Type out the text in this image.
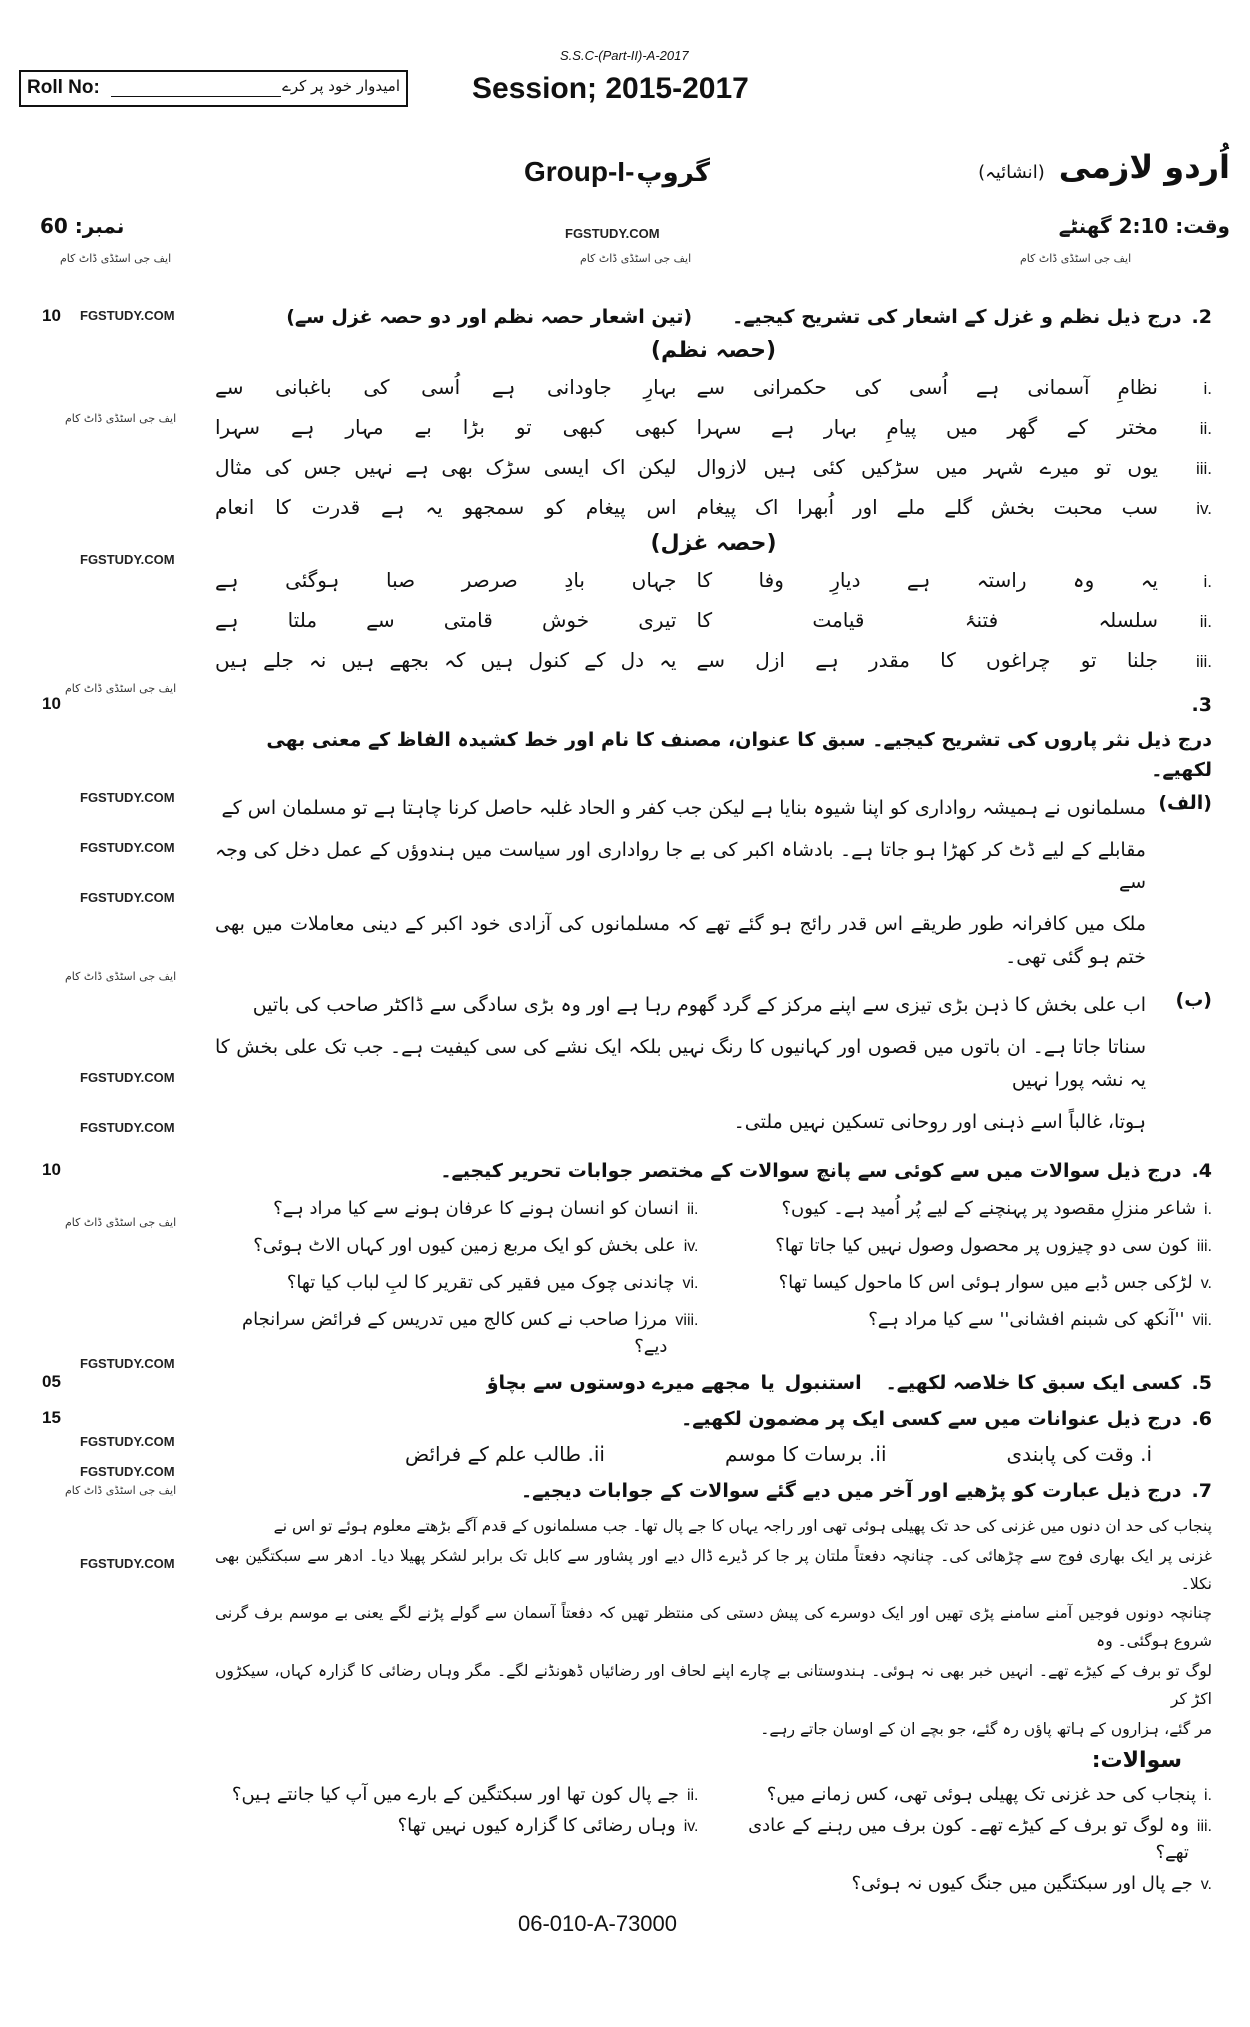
S.S.C-(Part-II)-A-2017
Roll No:	امیدوار خود پر کرے Session; 2015-2017
Group-I- گروپ	اُردو لازمی
(انشائیہ)
نمبر: 60	وقت: 2:10 گھنٹے
FGSTUDY.COM
ایف جی اسٹڈی ڈاٹ کام	ایف جی اسٹڈی ڈاٹ کام	ایف جی اسٹڈی ڈاٹ کام
10 FGSTUDY.COM
ایف جی اسٹڈی ڈاٹ کام
FGSTUDY.COM
ایف جی اسٹڈی ڈاٹ کام
2.
درج ذیل نظم و غزل کے اشعار کی تشریح کیجیے۔
(تین اشعار حصہ نظم اور دو حصہ غزل سے)
(حصہ نظم)
i.
نظامِ آسمانی ہے اُسی کی حکمرانی سے
بہارِ جاودانی ہے اُسی کی باغبانی سے
ii.
مختر کے گھر میں پیامِ بہار ہے سہرا
کبھی کبھی تو بڑا بے مہار ہے سہرا
iii.
یوں تو میرے شہر میں سڑکیں کئی ہیں لازوال
لیکن اک ایسی سڑک بھی ہے نہیں جس کی مثال
iv.
سب محبت بخش گلے ملے اور اُبھرا اک پیغام
اس پیغام کو سمجھو یہ ہے قدرت کا انعام
(حصہ غزل)
i.
یہ وہ راستہ ہے دیارِ وفا کا
جہاں بادِ صرصر صبا ہوگئی ہے
ii.
سلسلہ فتنۂ قیامت کا
تیری خوش قامتی سے ملتا ہے
iii.
جلنا تو چراغوں کا مقدر ہے ازل سے
یہ دل کے کنول ہیں کہ بجھے ہیں نہ جلے ہیں
10
FGSTUDY.COM
FGSTUDY.COM
FGSTUDY.COM
ایف جی اسٹڈی ڈاٹ کام
FGSTUDY.COM
FGSTUDY.COM
3.
درج ذیل نثر پاروں کی تشریح کیجیے۔ سبق کا عنوان، مصنف کا نام اور خط کشیدہ الفاظ کے معنی بھی لکھیے۔
(الف)
مسلمانوں نے ہمیشہ رواداری کو اپنا شیوہ بنایا ہے لیکن جب کفر و الحاد غلبہ حاصل کرنا چاہتا ہے تو مسلمان اس کے
مقابلے کے لیے ڈٹ کر کھڑا ہو جاتا ہے۔ بادشاہ اکبر کی بے جا رواداری اور سیاست میں ہندوؤں کے عمل دخل کی وجہ سے
ملک میں کافرانہ طور طریقے اس قدر رائج ہو گئے تھے کہ مسلمانوں کی آزادی خود اکبر کے دینی معاملات میں بھی ختم ہو گئی تھی۔
(ب)
اب علی بخش کا ذہن بڑی تیزی سے اپنے مرکز کے گرد گھوم رہا ہے اور وہ بڑی سادگی سے ڈاکٹر صاحب کی باتیں
سناتا جاتا ہے۔ ان باتوں میں قصوں اور کہانیوں کا رنگ نہیں بلکہ ایک نشے کی سی کیفیت ہے۔ جب تک علی بخش کا یہ نشہ پورا نہیں
ہوتا، غالباً اسے ذہنی اور روحانی تسکین نہیں ملتی۔
10
ایف جی اسٹڈی ڈاٹ کام
FGSTUDY.COM
4.
درج ذیل سوالات میں سے کوئی سے پانچ سوالات کے مختصر جوابات تحریر کیجیے۔
i.
شاعر منزلِ مقصود پر پہنچنے کے لیے پُر اُمید ہے۔ کیوں؟
ii.
انسان کو انسان ہونے کا عرفان ہونے سے کیا مراد ہے؟
iii.
کون سی دو چیزوں پر محصول وصول نہیں کیا جاتا تھا؟
iv.
علی بخش کو ایک مربع زمین کیوں اور کہاں الاٹ ہوئی؟
v.
لڑکی جس ڈبے میں سوار ہوئی اس کا ماحول کیسا تھا؟
vi.
چاندنی چوک میں فقیر کی تقریر کا لبِ لباب کیا تھا؟
vii.
''آنکھ کی شبنم افشانی'' سے کیا مراد ہے؟
viii.
مرزا صاحب نے کس کالج میں تدریس کے فرائض سرانجام دیے؟
05	5.
کسی ایک سبق کا خلاصہ لکھیے۔
استنبول
یا
مجھے میرے دوستوں سے بچاؤ
15
FGSTUDY.COM
FGSTUDY.COM
6.
درج ذیل عنوانات میں سے کسی ایک پر مضمون لکھیے۔
i. وقت کی پابندی
ii. برسات کا موسم
ii. طالب علم کے فرائض
ایف جی اسٹڈی ڈاٹ کام
FGSTUDY.COM
7.
درج ذیل عبارت کو پڑھیے اور آخر میں دیے گئے سوالات کے جوابات دیجیے۔
پنجاب کی حد ان دنوں میں غزنی کی حد تک پھیلی ہوئی تھی اور راجہ یہاں کا جے پال تھا۔ جب مسلمانوں کے قدم آگے بڑھتے معلوم ہوئے تو اس نے
غزنی پر ایک بھاری فوج سے چڑھائی کی۔ چنانچہ دفعتاً ملتان پر جا کر ڈیرے ڈال دیے اور پشاور سے کابل تک برابر لشکر پھیلا دیا۔ ادھر سے سبکتگین بھی نکلا۔
چنانچہ دونوں فوجیں آمنے سامنے پڑی تھیں اور ایک دوسرے کی پیش دستی کی منتظر تھیں کہ دفعتاً آسمان سے گولے پڑنے لگے یعنی بے موسم برف گرنی شروع ہوگئی۔ وہ
لوگ تو برف کے کیڑے تھے۔ انہیں خبر بھی نہ ہوئی۔ ہندوستانی بے چارے اپنے لحاف اور رضائیاں ڈھونڈنے لگے۔ مگر وہاں رضائی کا گزارہ کہاں، سیکڑوں اکڑ کر
مر گئے، ہزاروں کے ہاتھ پاؤں رہ گئے، جو بچے ان کے اوسان جاتے رہے۔
سوالات:
i.
پنجاب کی حد غزنی تک پھیلی ہوئی تھی، کس زمانے میں؟
ii.
جے پال کون تھا اور سبکتگین کے بارے میں آپ کیا جانتے ہیں؟
iii.
وہ لوگ تو برف کے کیڑے تھے۔ کون برف میں رہنے کے عادی تھے؟
iv.
وہاں رضائی کا گزارہ کیوں نہیں تھا؟
v.
جے پال اور سبکتگین میں جنگ کیوں نہ ہوئی؟
06-010-A-73000
